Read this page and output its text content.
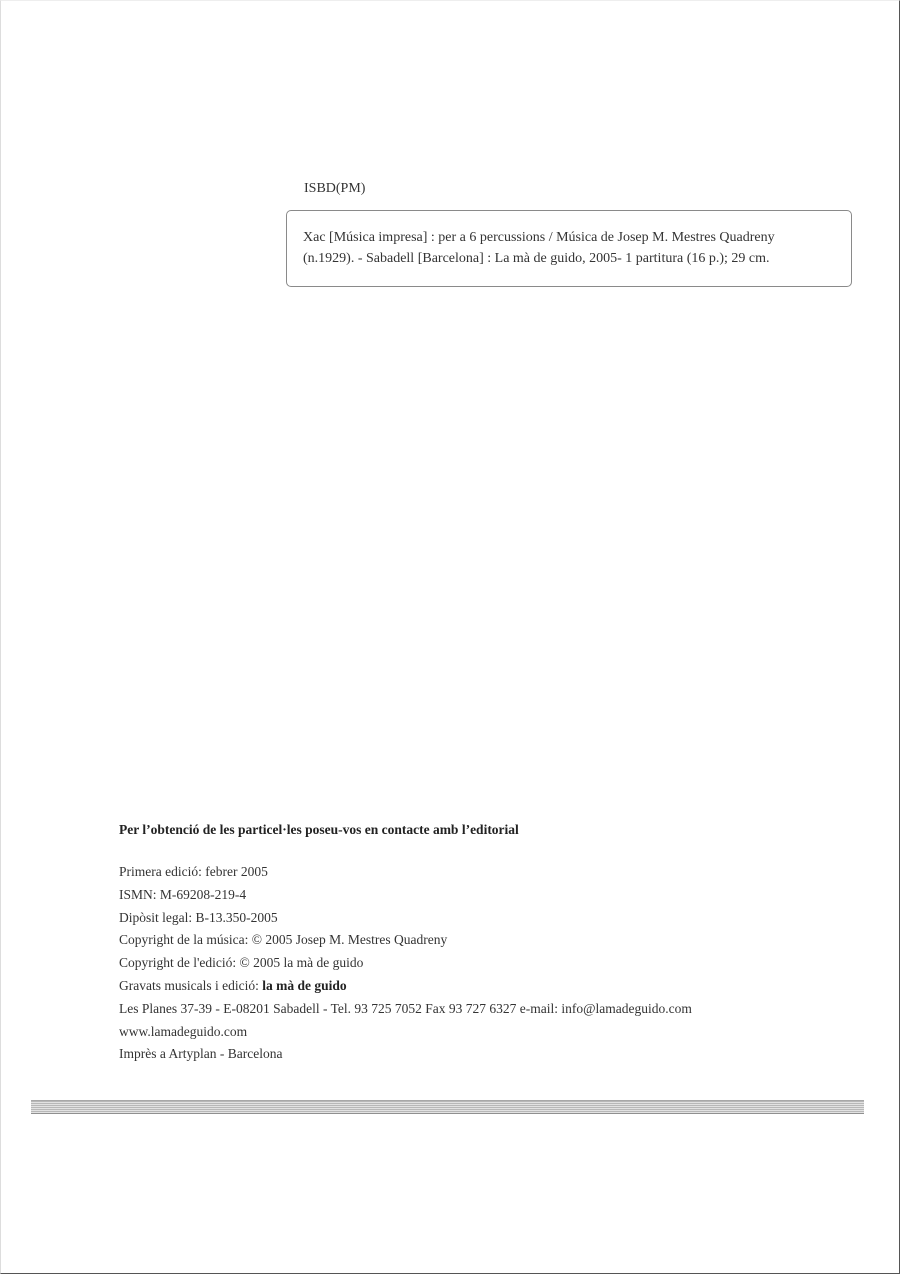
ISBD(PM)
Xac [Música impresa] : per a 6 percussions / Música de Josep M. Mestres Quadreny
(n.1929). - Sabadell [Barcelona] : La mà de guido, 2005- 1 partitura (16 p.); 29 cm.
Per l’obtenció de les particel·les poseu-vos en contacte amb l’editorial
Primera edició: febrer 2005
ISMN: M-69208-219-4
Dipòsit legal: B-13.350-2005
Copyright de la música: © 2005 Josep M. Mestres Quadreny
Copyright de l'edició: © 2005 la mà de guido
Gravats musicals i edició: la mà de guido
Les Planes 37-39 - E-08201 Sabadell - Tel. 93 725 7052 Fax 93 727 6327 e-mail: info@lamadeguido.com
www.lamadeguido.com
Imprès a Artyplan - Barcelona
